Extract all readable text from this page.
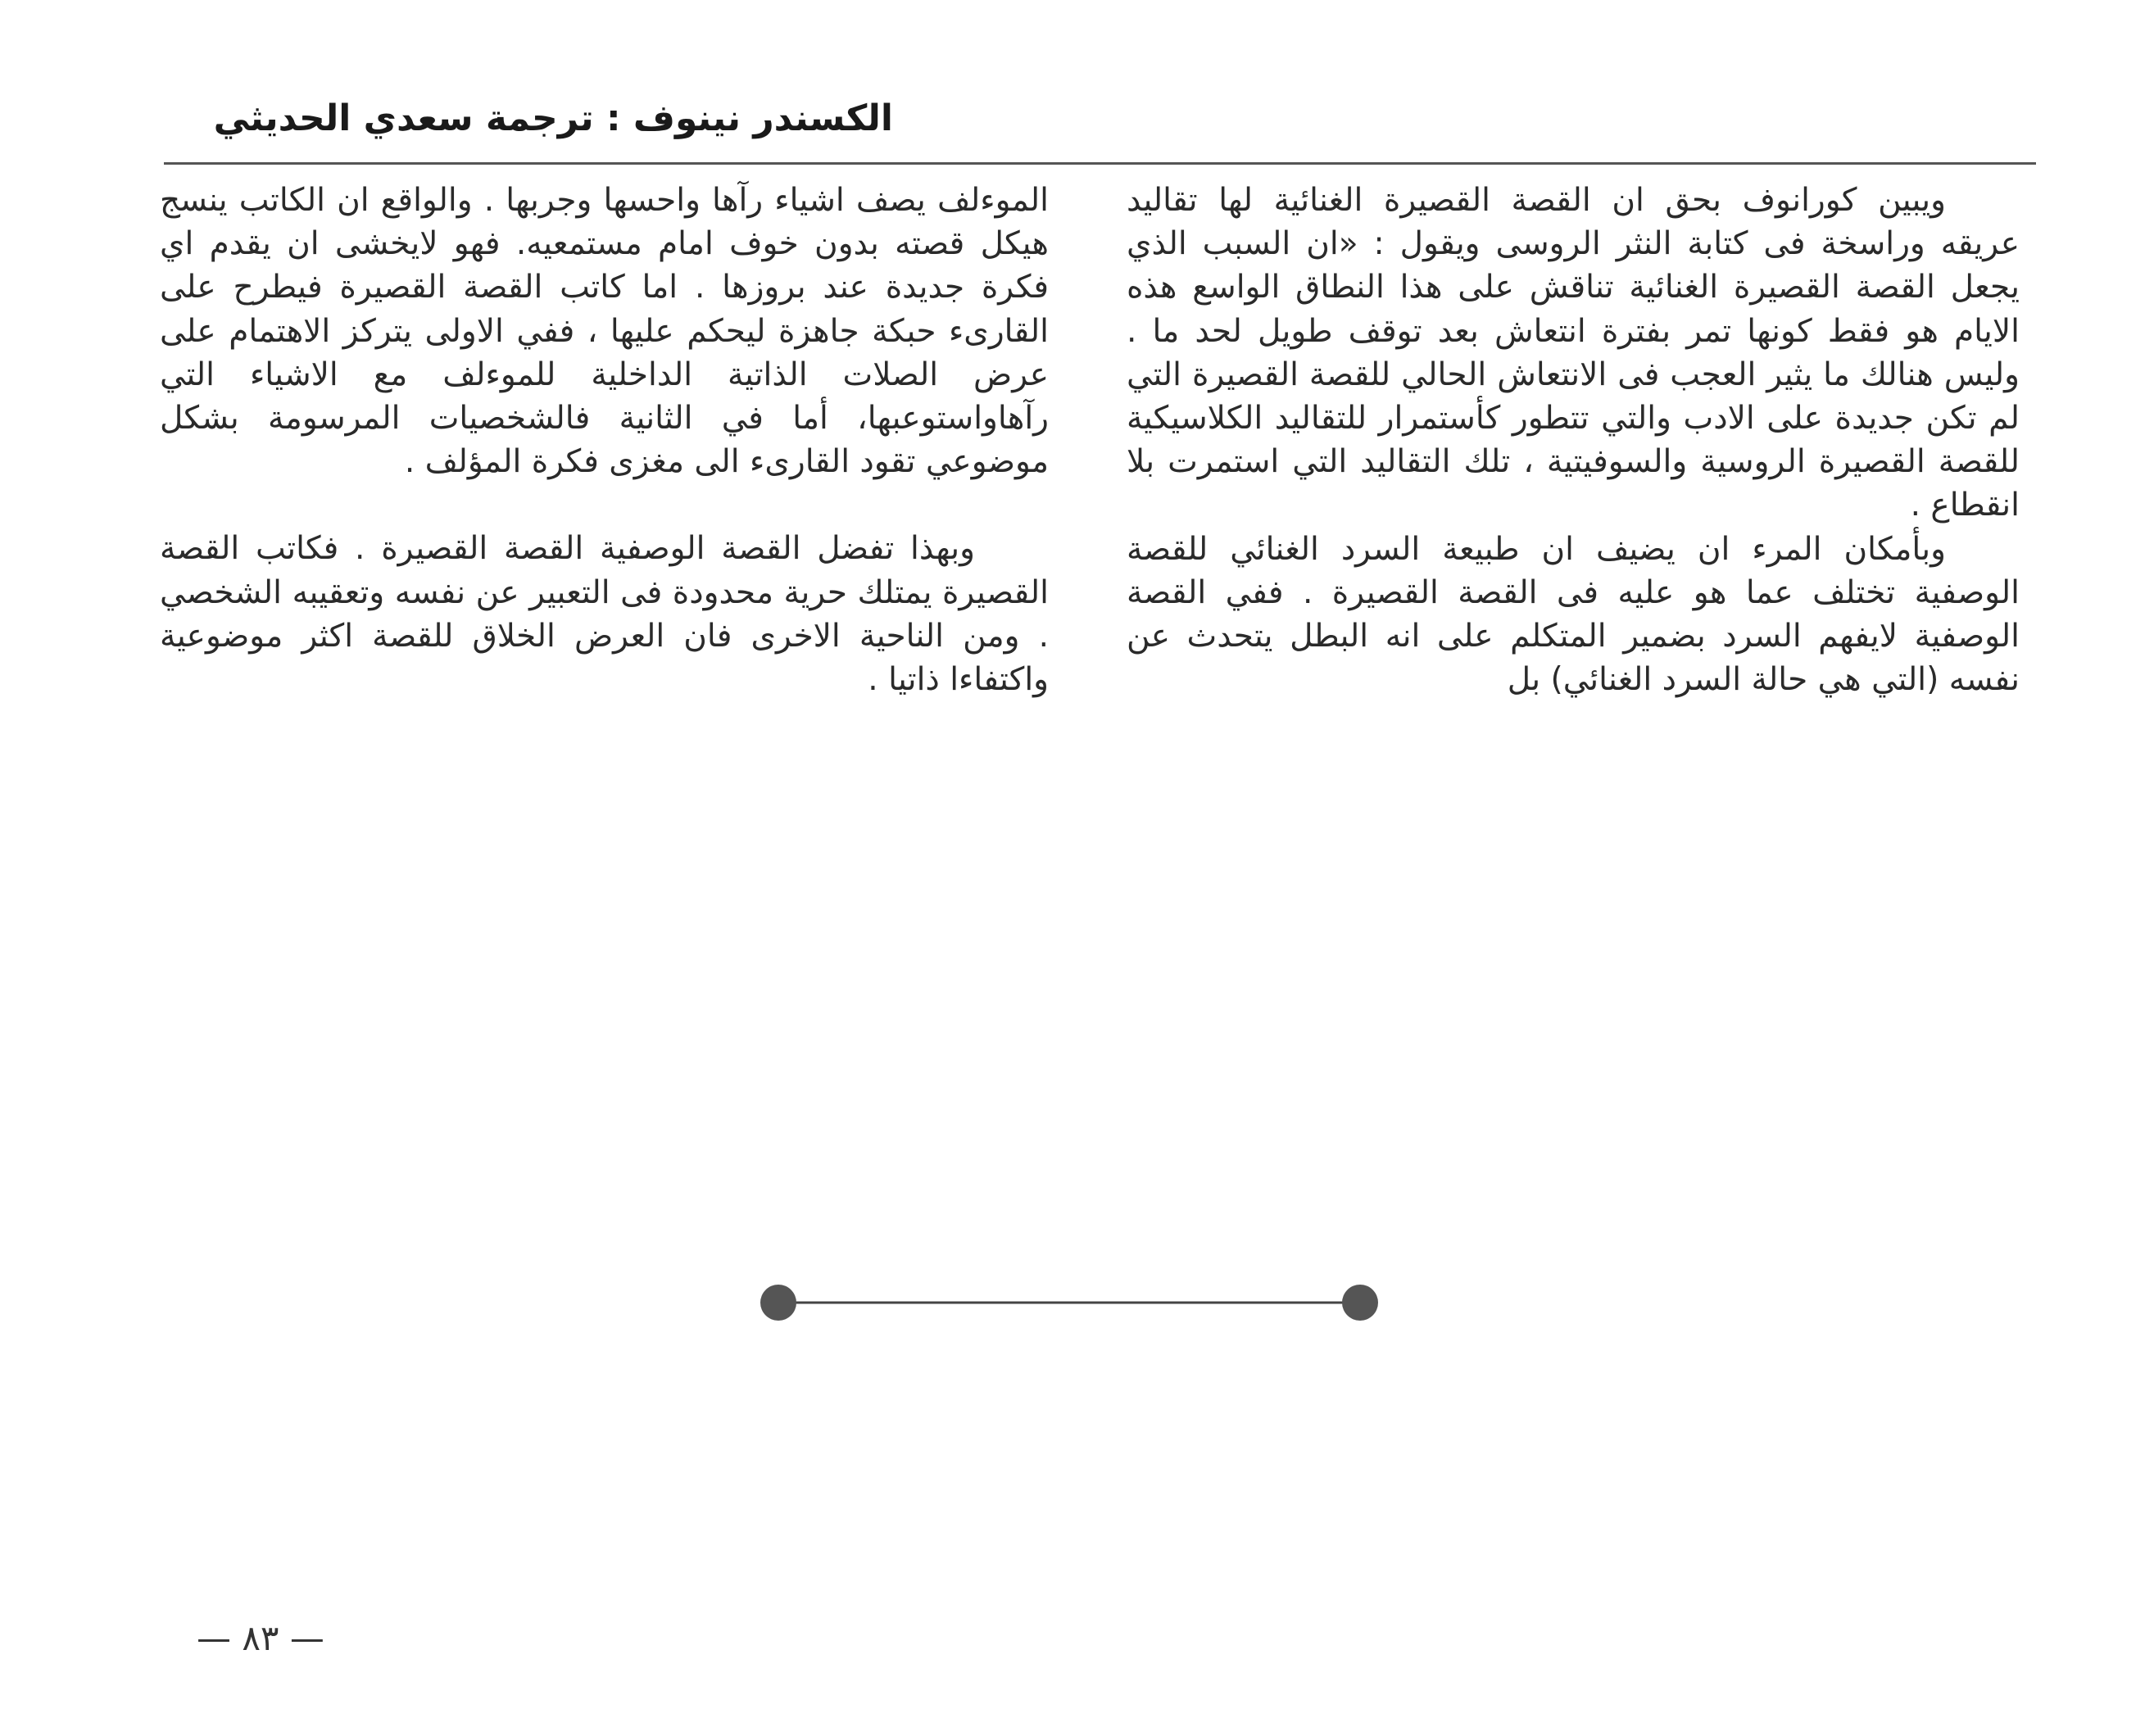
الكسندر نينوف : ترجمة سعدي الحديثي

ويبين كورانوف بحق ان القصة القصيرة الغنائية لها تقاليد عريقه وراسخة فى كتابة النثر الروسى ويقول : «ان السبب الذي يجعل القصة القصيرة الغنائية تناقش على هذا النطاق الواسع هذه الايام هو فقط كونها تمر بفترة انتعاش بعد توقف طويل لحد ما . وليس هنالك ما يثير العجب فى الانتعاش الحالي للقصة القصيرة التي لم تكن جديدة على الادب والتي تتطور كأستمرار للتقاليد الكلاسيكية للقصة القصيرة الروسية والسوفيتية ، تلك التقاليد التي استمرت بلا انقطاع .

وبأمكان المرء ان يضيف ان طبيعة السرد الغنائي للقصة الوصفية تختلف عما هو عليه فى القصة القصيرة . ففي القصة الوصفية لايفهم السرد بضمير المتكلم على انه البطل يتحدث عن نفسه (التي هي حالة السرد الغنائي) بل

الموءلف يصف اشياء رآها واحسها وجربها . والواقع ان الكاتب ينسج هيكل قصته بدون خوف امام مستمعيه. فهو لايخشى ان يقدم اي فكرة جديدة عند بروزها . اما كاتب القصة القصيرة فيطرح على القارىء حبكة جاهزة ليحكم عليها ، ففي الاولى يتركز الاهتمام على عرض الصلات الذاتية الداخلية للموءلف مع الاشياء التي رآهاواستوعبها، أما في الثانية فالشخصيات المرسومة بشكل موضوعي تقود القارىء الى مغزى فكرة المؤلف .

وبهذا تفضل القصة الوصفية القصة القصيرة . فكاتب القصة القصيرة يمتلك حرية محدودة فى التعبير عن نفسه وتعقيبه الشخصي . ومن الناحية الاخرى فان العرض الخلاق للقصة اكثر موضوعية واكتفاءا ذاتيا .

— ٨٣ —
